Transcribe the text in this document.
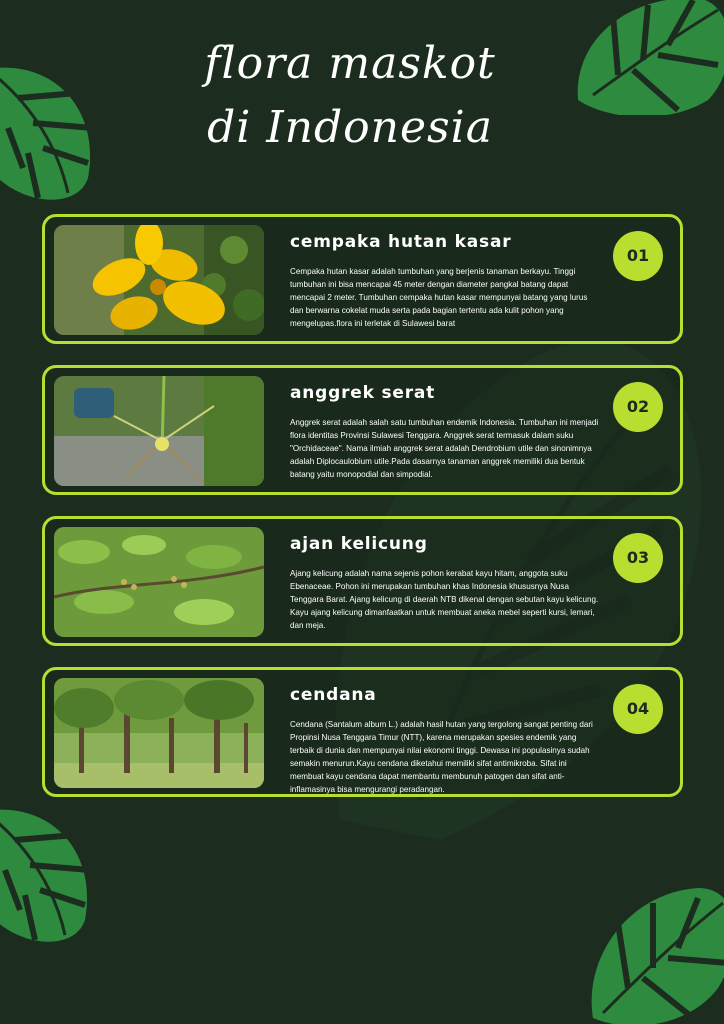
flora maskot
di Indonesia
cempaka hutan kasar
Cempaka hutan kasar adalah tumbuhan yang berjenis tanaman berkayu. Tinggi tumbuhan ini bisa mencapai 45 meter dengan diameter pangkal batang dapat mencapai 2 meter. Tumbuhan cempaka hutan kasar mempunyai batang yang lurus dan berwarna cokelat muda serta pada bagian tertentu ada kulit pohon yang mengelupas.flora ini terletak di Sulawesi barat
01
anggrek serat
Anggrek serat adalah salah satu tumbuhan endemik Indonesia. Tumbuhan ini menjadi flora identitas Provinsi Sulawesi Tenggara. Anggrek serat termasuk dalam suku "Orchidaceae". Nama ilmiah anggrek serat adalah Dendrobium utile dan sinonimnya adalah Diplocaulobium utile.Pada dasarnya tanaman anggrek memiliki dua bentuk batang yaitu monopodial dan simpodial.
02
ajan kelicung
Ajang kelicung adalah nama sejenis pohon kerabat kayu hitam, anggota suku Ebenaceae. Pohon ini merupakan tumbuhan khas Indonesia khususnya Nusa Tenggara Barat. Ajang kelicung di daerah NTB dikenal dengan sebutan kayu kelicung. Kayu ajang kelicung dimanfaatkan untuk membuat aneka mebel seperti kursi, lemari, dan meja.
03
cendana
Cendana (Santalum album L.) adalah hasil hutan yang tergolong sangat penting dari Propinsi Nusa Tenggara Timur (NTT), karena merupakan spesies endemik yang terbaik di dunia dan mempunyai nilai ekonomi tinggi. Dewasa ini populasinya sudah semakin menurun.Kayu cendana diketahui memiliki sifat antimikroba. Sifat ini membuat kayu cendana dapat membantu membunuh patogen dan sifat anti-inflamasinya bisa mengurangi peradangan.
04
